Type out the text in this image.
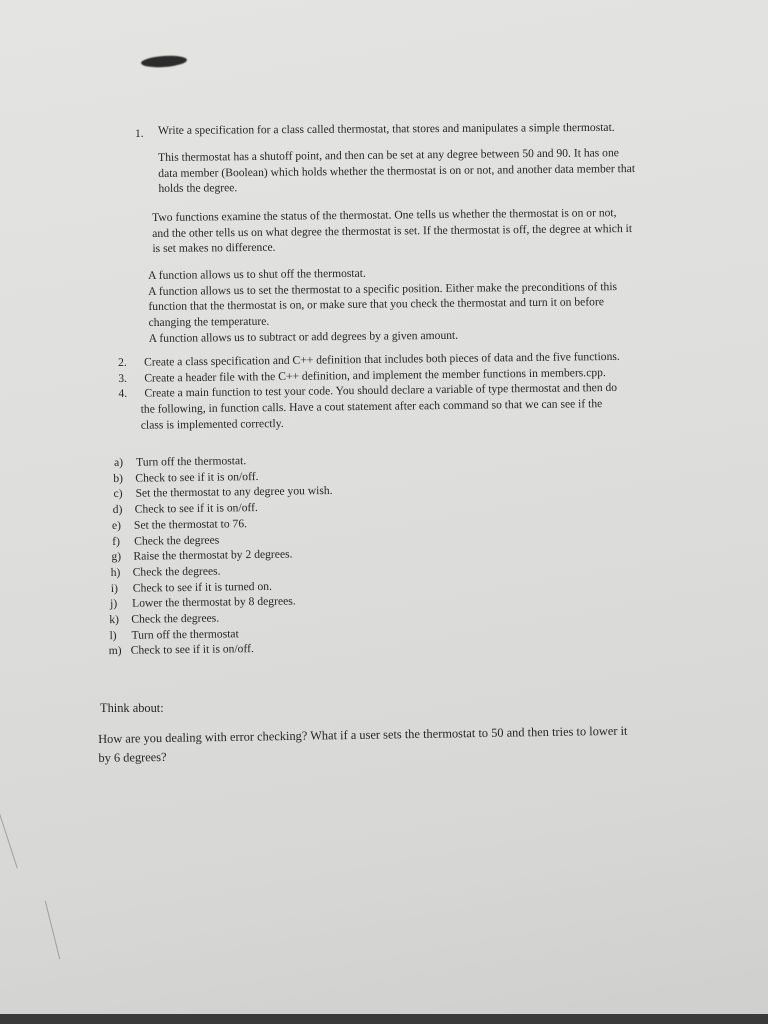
1. Write a specification for a class called thermostat, that stores and manipulates a simple thermostat.

This thermostat has a shutoff point, and then can be set at any degree between 50 and 90. It has one

data member (Boolean) which holds whether the thermostat is on or not, and another data member that

holds the degree.

Two functions examine the status of the thermostat. One tells us whether the thermostat is on or not,

and the other tells us on what degree the thermostat is set. If the thermostat is off, the degree at which it

is set makes no difference.

A function allows us to shut off the thermostat.

A function allows us to set the thermostat to a specific position. Either make the preconditions of this

function that the thermostat is on, or make sure that you check the thermostat and turn it on before

changing the temperature.

A function allows us to subtract or add degrees by a given amount.

2. Create a class specification and C++ definition that includes both pieces of data and the five functions.
3. Create a header file with the C++ definition, and implement the member functions in members.cpp.
4. Create a main function to test your code. You should declare a variable of type thermostat and then do
the following, in function calls. Have a cout statement after each command so that we can see if the
class is implemented correctly.
a) Turn off the thermostat.
b) Check to see if it is on/off.
c) Set the thermostat to any degree you wish.
d) Check to see if it is on/off.
e) Set the thermostat to 76.
f) Check the degrees
g) Raise the thermostat by 2 degrees.
h) Check the degrees.
i) Check to see if it is turned on.
j) Lower the thermostat by 8 degrees.
k) Check the degrees.
l) Turn off the thermostat
m) Check to see if it is on/off.
Think about:

How are you dealing with error checking? What if a user sets the thermostat to 50 and then tries to lower it

by 6 degrees?
